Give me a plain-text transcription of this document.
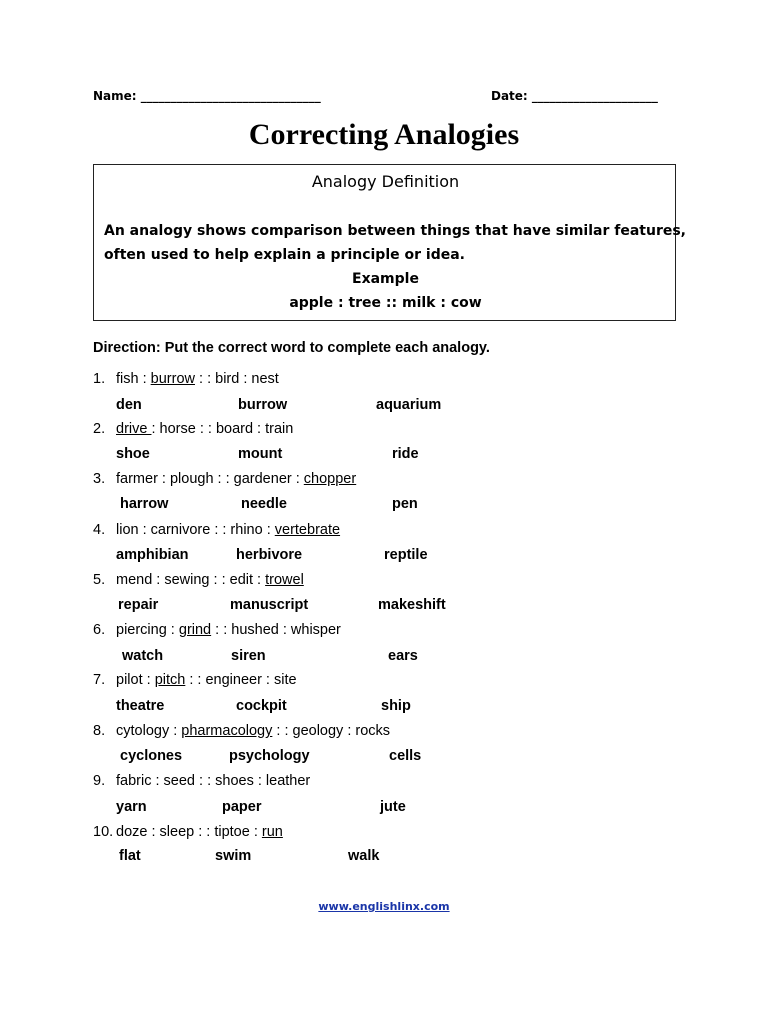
Name: ______________________________	Date: _____________________
Correcting Analogies
Analogy Definition
An analogy shows comparison between things that have similar features,
often used to help explain a principle or idea.
Example
apple : tree :: milk : cow
Direction: Put the correct word to complete each analogy.
1. fish : burrow : : bird : nest
den	burrow	aquarium
2. drive : horse : : board : train
shoe	mount	ride
3. farmer : plough : : gardener : chopper
harrow	needle	pen
4. lion : carnivore : : rhino : vertebrate
amphibian	herbivore	reptile
5. mend : sewing : : edit : trowel
repair	manuscript	makeshift
6. piercing : grind : : hushed : whisper
watch	siren	ears
7. pilot : pitch : : engineer : site
theatre	cockpit	ship
8. cytology : pharmacology : : geology : rocks
cyclones	psychology	cells
9. fabric : seed : : shoes : leather
yarn	paper	jute
10. doze : sleep : : tiptoe : run
flat	swim	walk
www.englishlinx.com
